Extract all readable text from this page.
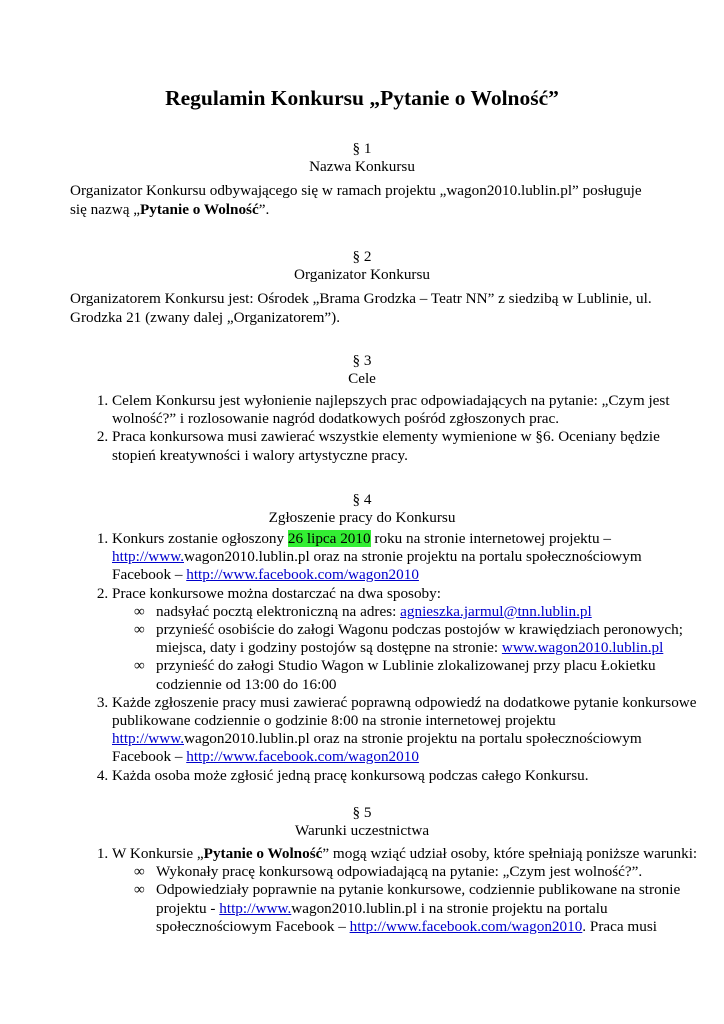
Regulamin Konkursu „Pytanie o Wolność”
§ 1
Nazwa Konkursu
Organizator Konkursu odbywającego się w ramach projektu „wagon2010.lublin.pl” posługuje się nazwą „Pytanie o Wolność”.
§ 2
Organizator Konkursu
Organizatorem Konkursu jest: Ośrodek „Brama Grodzka – Teatr NN” z siedzibą w Lublinie, ul. Grodzka 21 (zwany dalej „Organizatorem”).
§ 3
Cele
1. Celem Konkursu jest wyłonienie najlepszych prac odpowiadających na pytanie: „Czym jest wolność?” i rozlosowanie nagród dodatkowych pośród zgłoszonych prac.
2. Praca konkursowa musi zawierać wszystkie elementy wymienione w §6. Oceniany będzie stopień kreatywności i walory artystyczne pracy.
§ 4
Zgłoszenie pracy do Konkursu
1. Konkurs zostanie ogłoszony 26 lipca 2010 roku na stronie internetowej projektu – http://www.wagon2010.lublin.pl oraz na stronie projektu na portalu społecznościowym Facebook – http://www.facebook.com/wagon2010
2. Prace konkursowe można dostarczać na dwa sposoby:
∞ nadsyłać pocztą elektroniczną na adres: agnieszka.jarmul@tnn.lublin.pl
∞ przynieść osobiście do załogi Wagonu podczas postojów w krawiędziach peronowych; miejsca, daty i godziny postojów są dostępne na stronie: www.wagon2010.lublin.pl
∞ przynieść do załogi Studio Wagon w Lublinie zlokalizowanej przy placu Łokietku codziennie od 13:00 do 16:00
3. Każde zgłoszenie pracy musi zawierać poprawną odpowiedź na dodatkowe pytanie konkursowe publikowane codziennie o godzinie 8:00 na stronie internetowej projektu http://www.wagon2010.lublin.pl oraz na stronie projektu na portalu społecznościowym Facebook – http://www.facebook.com/wagon2010
4. Każda osoba może zgłosić jedną pracę konkursową podczas całego Konkursu.
§ 5
Warunki uczestnictwa
1. W Konkursie „Pytanie o Wolność” mogą wziąć udział osoby, które spełniają poniższe warunki:
∞ Wykonały pracę konkursową odpowiadającą na pytanie: „Czym jest wolność?”.
∞ Odpowiedziały poprawnie na pytanie konkursowe, codziennie publikowane na stronie projektu - http://www.wagon2010.lublin.pl i na stronie projektu na portalu społecznościowym Facebook – http://www.facebook.com/wagon2010. Praca musi
